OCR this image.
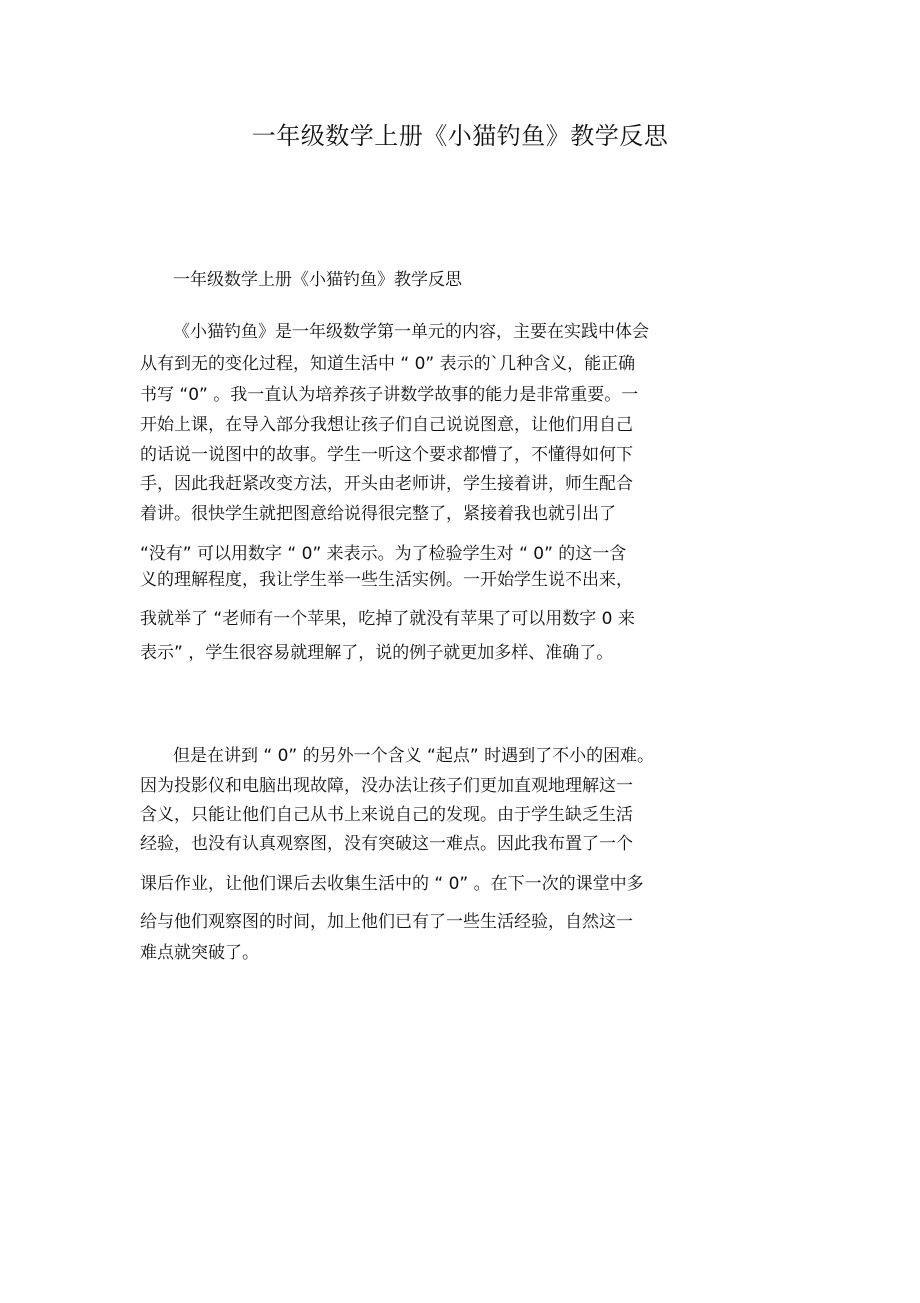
一年级数学上册《小猫钓鱼》教学反思

一年级数学上册《小猫钓鱼》教学反思

《小猫钓鱼》是一年级数学第一单元的内容，主要在实践中体会

从有到无的变化过程，知道生活中 “ 0” 表示的`几种含义，能正确

书写 “0” 。我一直认为培养孩子讲数学故事的能力是非常重要。一

开始上课，在导入部分我想让孩子们自己说说图意，让他们用自己

的话说一说图中的故事。学生一听这个要求都懵了，不懂得如何下

手，因此我赶紧改变方法，开头由老师讲，学生接着讲，师生配合

着讲。很快学生就把图意给说得很完整了，紧接着我也就引出了

“没有” 可以用数字 “ 0” 来表示。为了检验学生对 “ 0” 的这一含

义的理解程度，我让学生举一些生活实例。一开始学生说不出来，

我就举了 “老师有一个苹果，吃掉了就没有苹果了可以用数字 0 来

表示” ，学生很容易就理解了，说的例子就更加多样、准确了。

但是在讲到 “ 0” 的另外一个含义 “起点” 时遇到了不小的困难。

因为投影仪和电脑出现故障，没办法让孩子们更加直观地理解这一

含义，只能让他们自己从书上来说自己的发现。由于学生缺乏生活

经验，也没有认真观察图，没有突破这一难点。因此我布置了一个

课后作业，让他们课后去收集生活中的 “ 0” 。在下一次的课堂中多

给与他们观察图的时间，加上他们已有了一些生活经验，自然这一

难点就突破了。
